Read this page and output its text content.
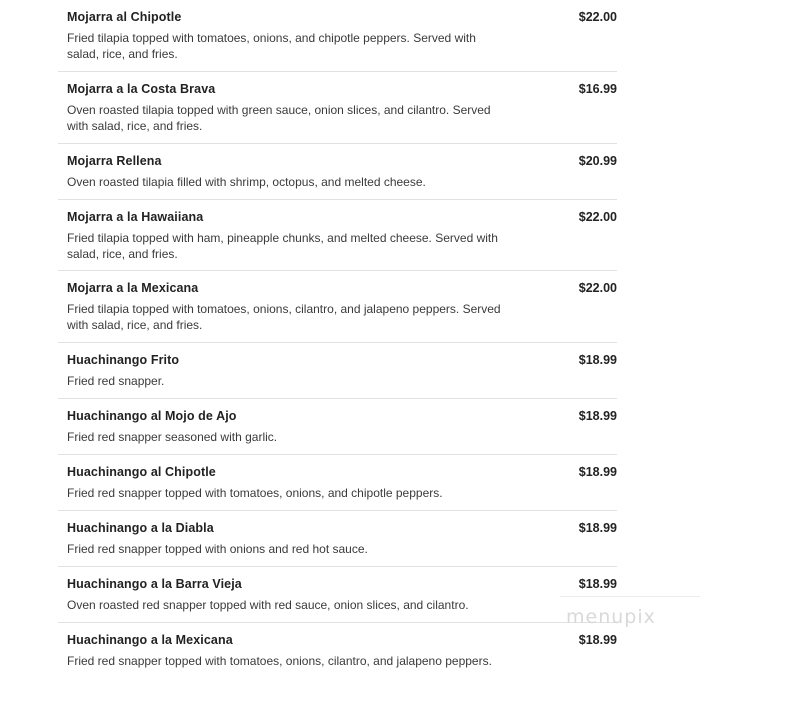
Mojarra al Chipotle	$22.00
Fried tilapia topped with tomatoes, onions, and chipotle peppers. Served with salad, rice, and fries.
Mojarra a la Costa Brava	$16.99
Oven roasted tilapia topped with green sauce, onion slices, and cilantro. Served with salad, rice, and fries.
Mojarra Rellena	$20.99
Oven roasted tilapia filled with shrimp, octopus, and melted cheese.
Mojarra a la Hawaiiana	$22.00
Fried tilapia topped with ham, pineapple chunks, and melted cheese. Served with salad, rice, and fries.
Mojarra a la Mexicana	$22.00
Fried tilapia topped with tomatoes, onions, cilantro, and jalapeno peppers. Served with salad, rice, and fries.
Huachinango Frito	$18.99
Fried red snapper.
Huachinango al Mojo de Ajo	$18.99
Fried red snapper seasoned with garlic.
Huachinango al Chipotle	$18.99
Fried red snapper topped with tomatoes, onions, and chipotle peppers.
Huachinango a la Diabla	$18.99
Fried red snapper topped with onions and red hot sauce.
Huachinango a la Barra Vieja	$18.99
Oven roasted red snapper topped with red sauce, onion slices, and cilantro.
Huachinango a la Mexicana	$18.99
Fried red snapper topped with tomatoes, onions, cilantro, and jalapeno peppers.
menupix
